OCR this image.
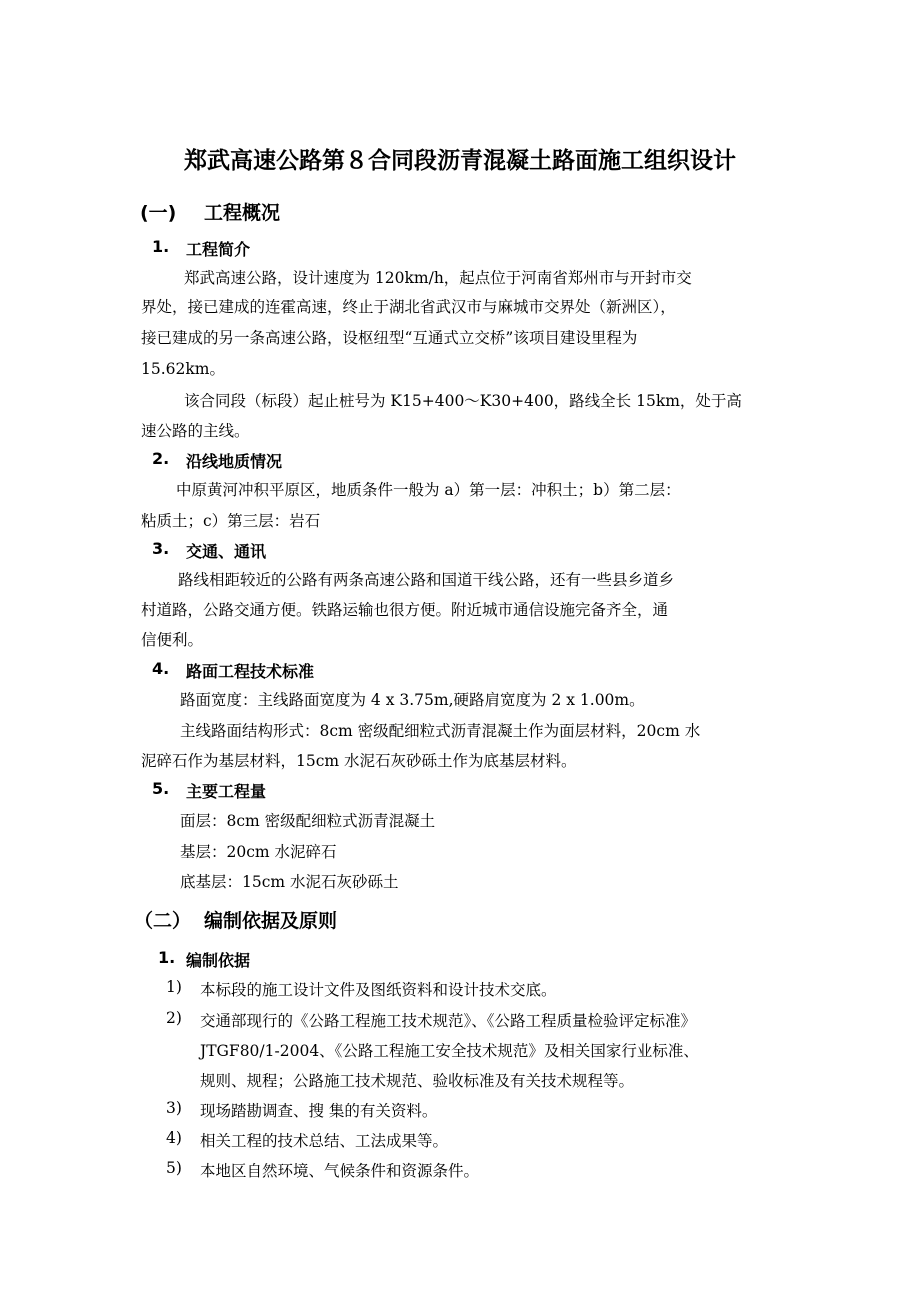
郑武高速公路第８合同段沥青混凝土路面施工组织设计
(一) 工程概况
1. 工程简介
郑武高速公路，设计速度为 120km/h，起点位于河南省郑州市与开封市交
界处，接已建成的连霍高速，终止于湖北省武汉市与麻城市交界处（新洲区），
接已建成的另一条高速公路，设枢纽型“互通式立交桥”该项目建设里程为
15.62km。
该合同段（标段）起止桩号为 K15+400～K30+400，路线全长 15km，处于高
速公路的主线。
2. 沿线地质情况
中原黄河冲积平原区，地质条件一般为 a）第一层：冲积土；b）第二层：
粘质土；c）第三层：岩石
3. 交通、通讯
路线相距较近的公路有两条高速公路和国道干线公路，还有一些县乡道乡
村道路，公路交通方便。铁路运输也很方便。附近城市通信设施完备齐全，通
信便利。
4. 路面工程技术标准
路面宽度：主线路面宽度为 4 x 3.75m,硬路肩宽度为 2 x 1.00m。
主线路面结构形式：8cm 密级配细粒式沥青混凝土作为面层材料，20cm 水
泥碎石作为基层材料，15cm 水泥石灰砂砾土作为底基层材料。
5. 主要工程量
面层：8cm 密级配细粒式沥青混凝土
基层：20cm 水泥碎石
底基层：15cm 水泥石灰砂砾土
（二） 编制依据及原则
1. 编制依据
1) 本标段的施工设计文件及图纸资料和设计技术交底。
2) 交通部现行的《公路工程施工技术规范》、《公路工程质量检验评定标准》
JTGF80/1-2004、《公路工程施工安全技术规范》及相关国家行业标准、
规则、规程；公路施工技术规范、验收标准及有关技术规程等。
3) 现场踏勘调查、搜 集的有关资料。
4) 相关工程的技术总结、工法成果等。
5) 本地区自然环境、气候条件和资源条件。
